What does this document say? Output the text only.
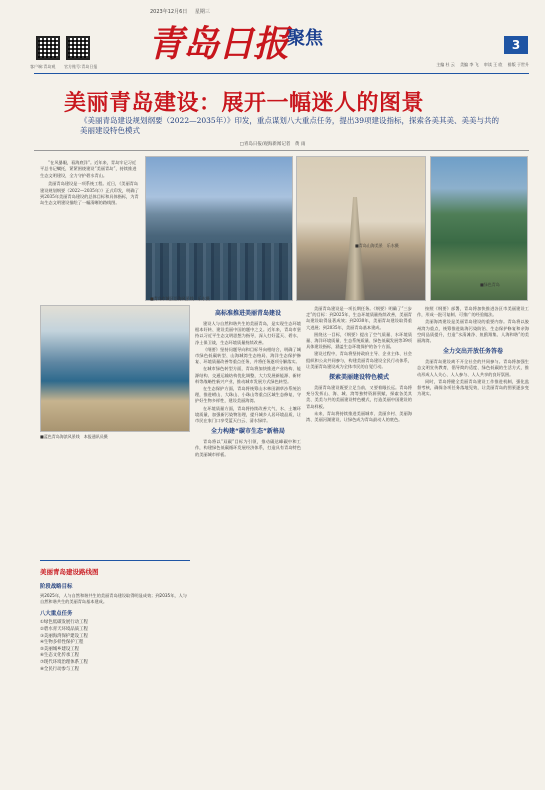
客户端:青岛观 官方账号:青岛日报
2023年12月6日 星期三
青岛日报
聚焦	3
主编 杜 云 美编 李 飞 审读 王 欣 排版 于世升
美丽青岛建设：展开一幅迷人的图景
《美丽青岛建设规划纲要（2022—2035年）》印发，重点谋划八大重点任务，提出39项建设指标，探索各美其美、美美与共的美丽建设特色模式
□青岛日报/观海新闻记者　黄 雨

“在风暴眼，看海底洋”。近年来，青岛牢记习近平总书记嘱托，紧紧围绕建设“美丽青岛”，持续推进生态文明建设，全力守护碧水青山。

美丽青岛建设是一项系统工程。近日，《美丽青岛建设规划纲要（2022—2035年）》正式印发，明确了到2035年美丽青岛建设的总体目标和具体指标，为青岛生态文明建设描绘了一幅清晰的路线图。

■青岛市城区沿海风景线　乐水摄
■青岛山海美景　乐水摄
■绿色青岛
■蓝色青岛海滨风景线　本报通讯员摄
高标准推进美丽青岛建设

建设人与自然和谐共生的美丽青岛，是实现生态环境根本好转、建设美丽中国的题中之义。近年来，青岛市坚持以习近平生态文明思想为指导，深入打好蓝天、碧水、净土保卫战，生态环境质量持续改善。

《纲要》坚持问题导向和目标导向相结合，明确了城市绿色低碳转型、山海城湾生态格局、海洋生态保护修复、环境质量改善等重点任务，并将任务逐项分解落实。

在城市绿色转型方面，青岛将加快推进产业结构、能源结构、交通运输结构优化调整，大力发展新能源、新材料等战略性新兴产业，推动城市发展方式绿色转型。

在生态保护方面，青岛将统筹山水林田湖草沙系统治理，推进崂山、大珠山、小珠山等重点区域生态修复，守护好生物多样性，建设美丽海湾。

在环境质量方面，青岛将持续改善大气、水、土壤环境质量，加强新污染物治理，提升城乡人居环境品质，让市民在家门口享受蓝天白云、清水绿岸。

全力构建“碳市生态”新格局

青岛将以“双碳”目标为引领，推动碳达峰碳中和工作，构建绿色低碳循环发展经济体系，打造具有青岛特色的美丽城市样板。

美丽青岛建设是一项长期任务。《纲要》明确了“三步走”的目标：到2025年，生态环境质量持续改善，美丽青岛建设取得显著成效；到2030年，美丽青岛建设取得重大进展；到2035年，美丽青岛基本建成。

围绕这一目标，《纲要》提出了空气质量、水环境质量、海洋环境质量、生态系统质量、绿色低碳发展等39项具体建设指标，涵盖生态环境保护的各个方面。

建设过程中，青岛将坚持政府主导、企业主体、社会组织和公众共同参与，构建美丽青岛建设全民行动体系，让美丽青岛建设成为全体市民的自觉行动。

探索美丽建设特色模式

美丽青岛建设既要立足当前，又要着眼长远。青岛将充分发挥山、海、城、湾等独特资源禀赋，探索各美其美、美美与共的美丽建设特色模式，打造美丽中国建设的青岛样板。

未来，青岛将持续推进美丽城市、美丽乡村、美丽海湾、美丽河湖建设，让绿色成为青岛最动人的底色。

按照《纲要》部署，青岛将加快推进各区市美丽建设工作，形成一批可复制、可推广的经验做法。

美丽海湾建设是美丽青岛建设的重要内容。青岛将以胶州湾为重点，统筹推进陆海污染防治、生态保护修复和亲海空间品质提升，打造“水清滩净、鱼鸥翔集、人海和谐”的美丽海湾。

全力交出开放任务答卷

美丽青岛建设离不开全社会的共同参与。青岛将加强生态文明宣传教育，倡导简约适度、绿色低碳的生活方式，推动形成人人关心、人人参与、人人共享的良好氛围。

同时，青岛将健全美丽青岛建设工作推进机制，强化监督考核，确保各项任务落地见效，让美丽青岛的图景逐步变为现实。

美丽青岛建设路线图
阶段战略目标
到2025年，人与自然和谐共生的美丽青岛建设取得明显成效；到2035年，人与自然和谐共生的美丽青岛基本建成。
八大重点任务
①绿色低碳发展行动工程
②碧水青天环境品质工程
③美丽海湾保护建设工程
④生物多样性保护工程
⑤美丽城乡建设工程
⑥生态文化传承工程
⑦现代环境治理体系工程
⑧全民行动参与工程
